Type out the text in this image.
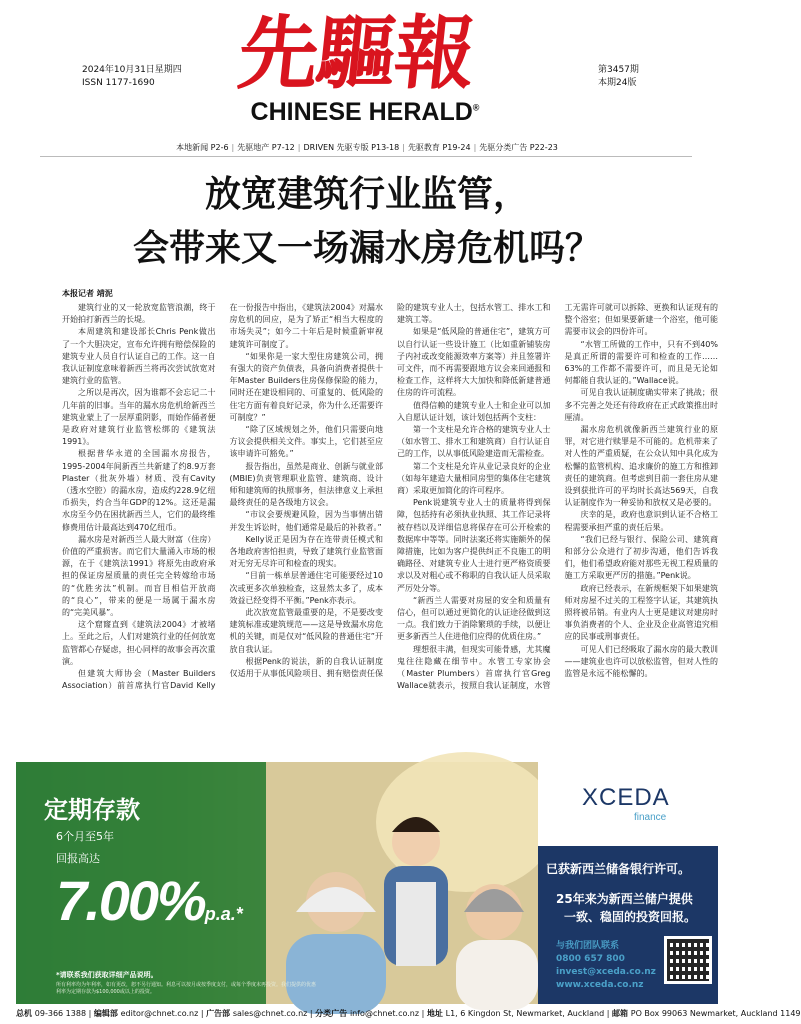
2024年10月31日星期四
ISSN 1177-1690 先驅報
CHINESE HERALD®
第3457期
本期24版
本地新闻 P2-6 | 先驱地产 P7-12 | DRIVEN 先驱专版 P13-18 | 先驱教育 P19-24 | 先驱分类广告 P22-23
放宽建筑行业监管，
会带来又一场漏水房危机吗？
本报记者 靖泥

建筑行业的又一轮放宽监管浪潮，终于开始拍打新西兰的长堤。

本周建筑和建设部长Chris Penk做出了一个大胆决定，宣布允许拥有赔偿保险的建筑专业人员自行认证自己的工作。这一自我认证制度意味着新西兰将再次尝试放宽对建筑行业的监管。

之所以是再次，因为谁都不会忘记二十几年前的旧事。当年的漏水房危机给新西兰建筑业蒙上了一层厚重阴影，而始作俑者便是政府对建筑行业监管松绑的《建筑法1991》。

根据普华永道的全国漏水房报告，1995-2004年间新西兰共新建了约8.9万套Plaster（批灰外墙）材质、没有Cavity（透水空腔）的漏水房，造成约228.9亿纽币损失，约合当年GDP的12%。这还是漏水房至今仍在困扰新西兰人，它们的最终维修费用估计最高达到470亿纽币。

漏水房是对新西兰人最大财富（住房）价值的严重损害。而它们大量涌入市场的根源，在于《建筑法1991》将原先由政府承担的保证房屋质量的责任完全转嫁给市场的“优胜劣汰”机制。而盲目相信开放商的“良心”，带来的便是一场属于漏水房的“完美风暴”。

这个窟窿直到《建筑法2004》才被堵上。至此之后，人们对建筑行业的任何放宽监管都心存疑虑，担心同样的故事会再次重演。

但建筑大师协会（Master Builders Association）前首席执行官David Kelly在一份报告中指出，《建筑法2004》对漏水房危机的回应，是为了矫正“相当大程度的市场失灵”；如今二十年后是时候重新审视建筑许可制度了。

“如果你是一家大型住房建筑公司，拥有强大的资产负债表，具备向消费者提供十年Master Builders住房保修保险的能力，同时还在建设相同的、可重复的、低风险的住宅方面有着良好记录，你为什么还需要许可制度？”

“除了区域规划之外，他们只需要向地方议会提供相关文件。事实上，它们甚至应该申请许可豁免。”

报告指出，虽然是商业、创新与就业部(MBIE)负责管理职业监管、建筑商、设计师和建筑师的执照事务，但法律意义上承担最终责任的是各级地方议会。

“市议会要规避风险，因为当事情出错并发生诉讼时，他们通常是最后的补救者。”

Kelly说正是因为存在连带责任模式和各地政府害怕担责，导致了建筑行业监管面对无穷无尽许可和检查的现实。

“目前一栋单层普通住宅可能要经过10次或更多次单独检查，这显然太多了，成本效益已经变得不平衡。”Penk亦表示。

此次放宽监管最重要的是，不是要改变建筑标准或建筑规范——这是导致漏水房危机的关键，而是仅对“低风险的普通住宅”开放自我认证。

根据Penk的说法，新的自我认证制度仅适用于从事低风险项目、拥有赔偿责任保险的建筑专业人士，包括水管工、排水工和建筑工等。

如果是“低风险的普通住宅”，建筑方可以自行认证一些设计施工（比如重新铺装房子内衬或改变能源效率方案等）并且签署许可文件，而不再需要跟地方议会来回通报和检查工作，这样将大大加快和降低新建普通住房的许可流程。

值得信赖的建筑专业人士和企业可以加入自愿认证计划，该计划包括两个支柱：

第一个支柱是允许合格的建筑专业人士（如水管工、排水工和建筑商）自行认证自己的工作，以从事低风险建造而无需检查。

第二个支柱是允许从业记录良好的企业（如每年建造大量相同房型的集体住宅建筑商）采取更加简化的许可程序。

Penk说建筑专业人士的质量将得到保障，包括持有必须执业执照、其工作记录将被存档以及详细信息将保存在可公开检索的数据库中等等。同时法案还将实施额外的保障措施，比如为客户提供纠正不良施工的明确路径、对建筑专业人士进行更严格资质要求以及对粗心或不称职的自我认证人员采取严厉处分等。

“新西兰人需要对房屋的安全和质量有信心，但可以通过更简化的认证途径做到这一点。我们致力于消除繁琐的手续，以便让更多新西兰人住进他们应得的优质住房。”

理想很丰满，但现实可能骨感，尤其魔鬼往往隐藏在细节中。水管工专家协会（Master Plumbers）首席执行官Greg Wallace就表示，按照自我认证制度，水管工无需许可就可以拆除、更换和认证现有的整个浴室；但如果要新建一个浴室，他可能需要市议会的四份许可。

“水管工所做的工作中，只有不到40%是真正所谓的需要许可和检查的工作……63%的工作都不需要许可，而且是无论如何都能自我认证的。”Wallace说。

可见自我认证制度确实带来了挑战；很多不完善之处还有待政府在正式政策推出时厘清。

漏水房危机就像新西兰建筑行业的原罪，对它进行赎罪是不可能的。危机带来了对人性的严重质疑，在公众认知中具化成为松懈的监管机构、追求廉价的施工方和推卸责任的建筑商。但考虑到目前一套住房从建设到获批许可的平均时长高达569天，自我认证制度作为一种妥协和放权又是必要的。

庆幸的是，政府也意识到认证不合格工程需要承担严重的责任后果。

“我们已经与银行、保险公司、建筑商和部分公众进行了初步沟通，他们告诉我们，他们希望政府能对那些无视工程质量的施工方采取更严厉的措施。”Penk说。

政府已经表示，在新规框架下如果建筑师对房屋不过关的工程签字认证，其建筑执照将被吊销。有业内人士更是建议对建房时事负消费者的个人、企业及企业高管追究相应的民事或刑事责任。

可见人们已经吸取了漏水房的最大教训——建筑业也许可以放松监管，但对人性的监管是永远不能松懈的。

定期存款
6个月至5年
回报高达
7.00%p.a.*
*请联系我们获取详细产品说明。
所有利率均为年利率，如有更改，恕不另行通知。利息可以按月或按季度支付，或每个季度末再投资。我们提供的优惠利率为定期存款为$100,000或以上的投资。
XCEDA
finance
已获新西兰储备银行许可。
25年来为新西兰储户提供
一致、稳固的投资回报。
与我们团队联系
0800 657 800
invest@xceda.co.nz
www.xceda.co.nz
总机 09-366 1388 | 编辑部 editor@chnet.co.nz | 广告部 sales@chnet.co.nz | 分类广告 info@chnet.co.nz | 地址 L1, 6 Kingdon St, Newmarket, Auckland | 邮箱 PO Box 99063 Newmarket, Auckland 1149
